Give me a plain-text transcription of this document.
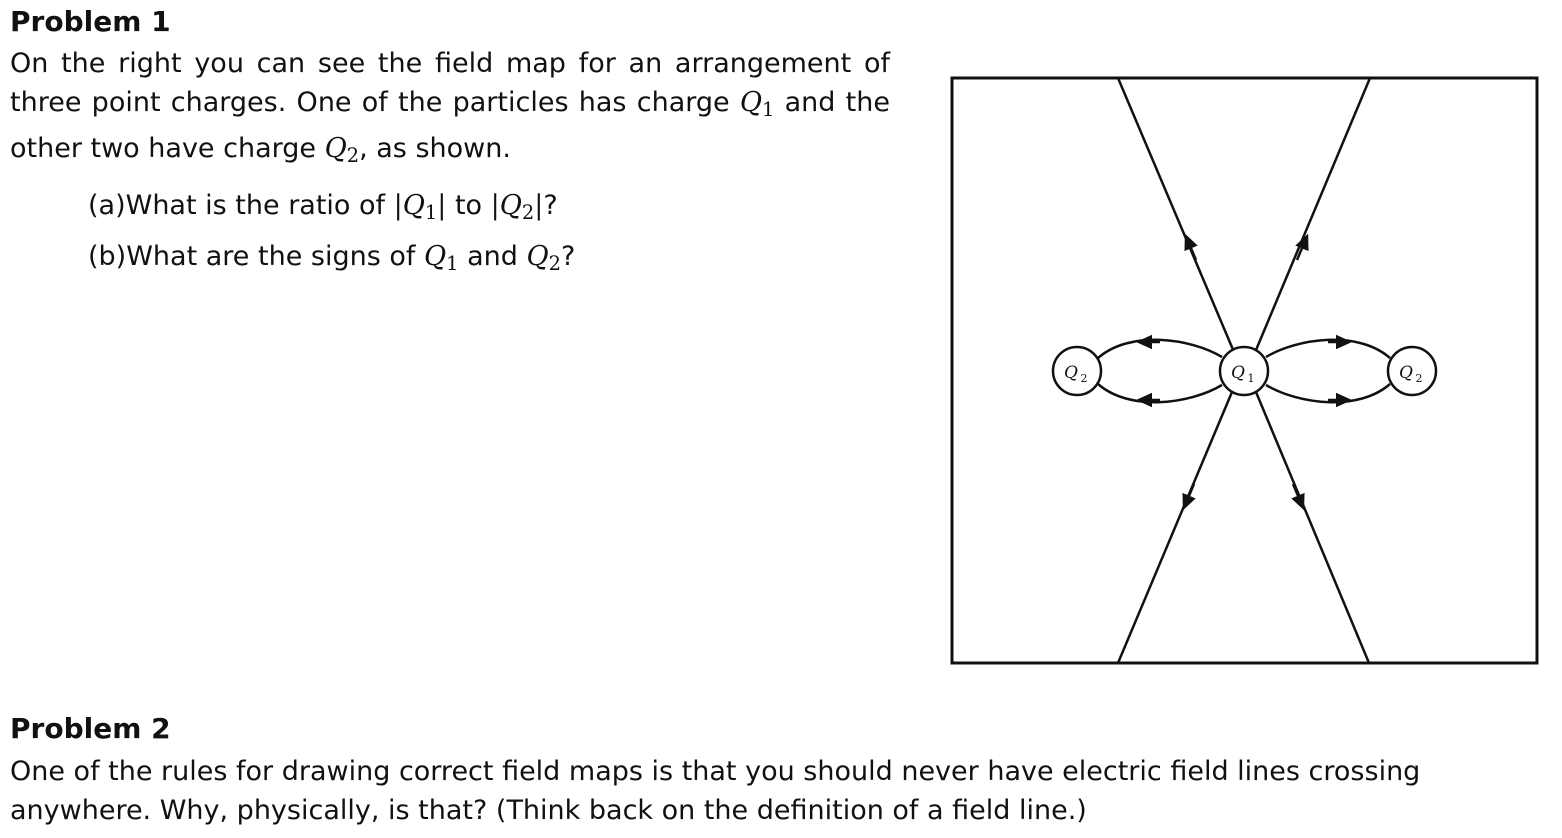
Problem 1

On the right you can see the field map for an arrangement of three point charges. One of the particles has charge $Q_1$ and the other two have charge $Q_2$, as shown.

(a)What is the ratio of $|Q_1|$ to $|Q_2|$?

(b)What are the signs of $Q_1$ and $Q_2$?

Q 2	Q 1	Q 2
Problem 2

One of the rules for drawing correct field maps is that you should never have electric field lines crossing anywhere. Why, physically, is that? (Think back on the definition of a field line.)
